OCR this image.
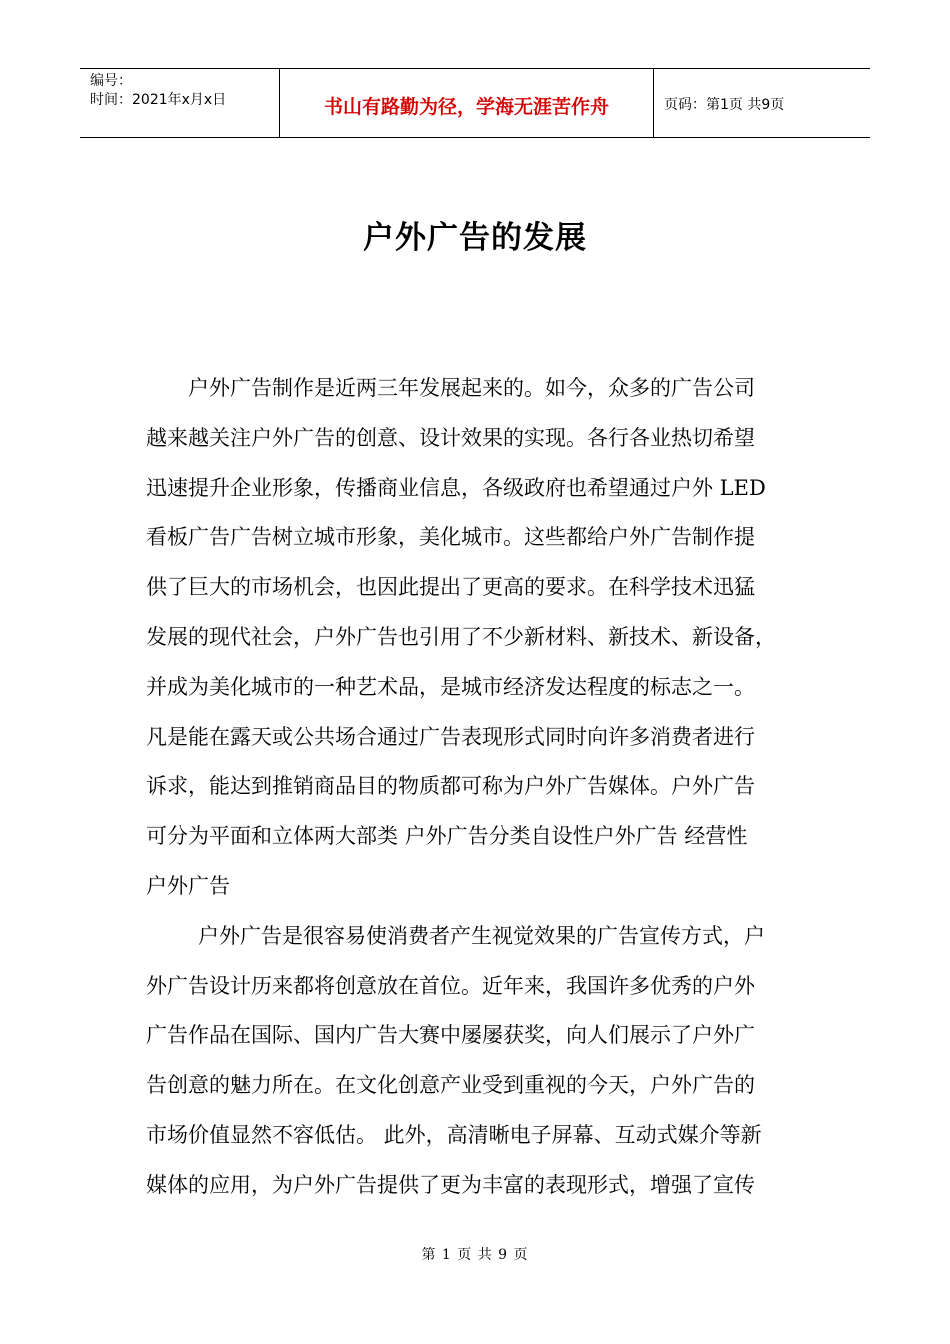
编号：
时间：2021年x月x日	书山有路勤为径，学海无涯苦作舟	页码：第1页 共9页
户外广告的发展

户外广告制作是近两三年发展起来的。如今，众多的广告公司

越来越关注户外广告的创意、设计效果的实现。各行各业热切希望

迅速提升企业形象，传播商业信息，各级政府也希望通过户外 LED

看板广告广告树立城市形象，美化城市。这些都给户外广告制作提

供了巨大的市场机会，也因此提出了更高的要求。在科学技术迅猛

发展的现代社会，户外广告也引用了不少新材料、新技术、新设备，

并成为美化城市的一种艺术品，是城市经济发达程度的标志之一。

凡是能在露天或公共场合通过广告表现形式同时向许多消费者进行

诉求，能达到推销商品目的物质都可称为户外广告媒体。户外广告

可分为平面和立体两大部类 户外广告分类自设性户外广告 经营性

户外广告

户外广告是很容易使消费者产生视觉效果的广告宣传方式，户

外广告设计历来都将创意放在首位。近年来，我国许多优秀的户外

广告作品在国际、国内广告大赛中屡屡获奖，向人们展示了户外广

告创意的魅力所在。在文化创意产业受到重视的今天，户外广告的

市场价值显然不容低估。 此外，高清晰电子屏幕、互动式媒介等新

媒体的应用，为户外广告提供了更为丰富的表现形式，增强了宣传

第 1 页 共 9 页
